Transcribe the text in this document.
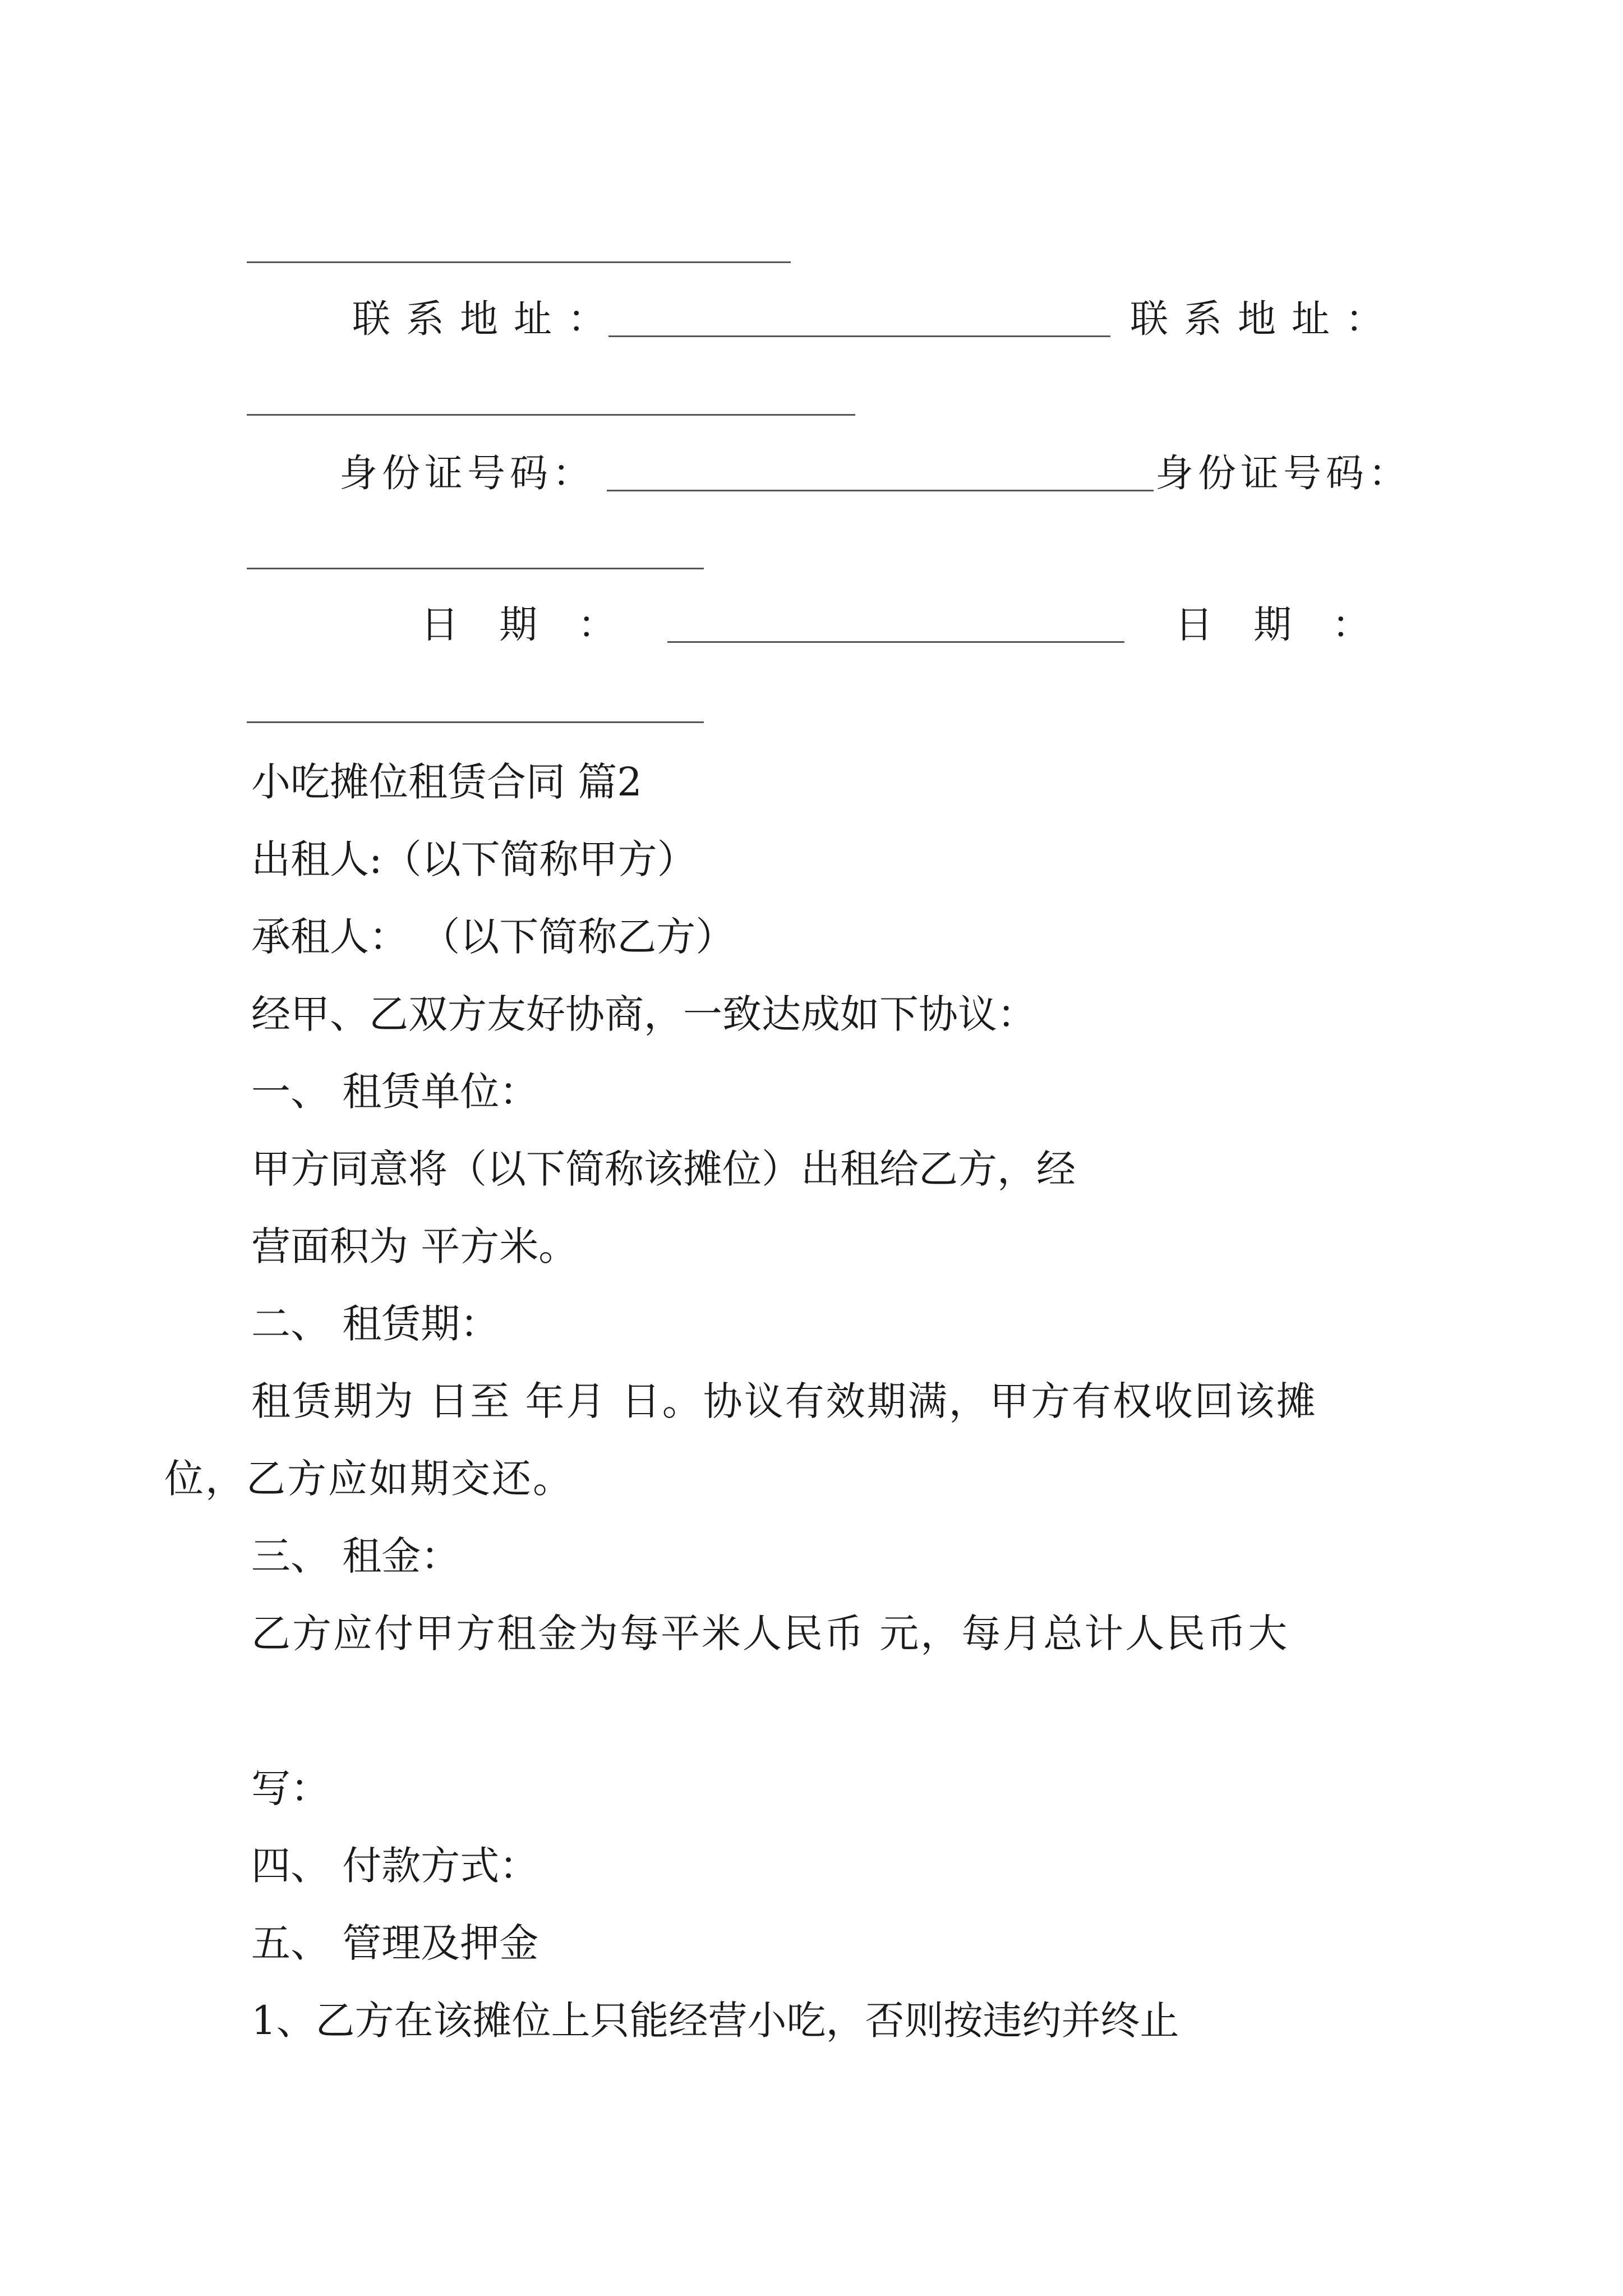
联系地址：	联系地址：
身份证号码：	身份证号码：
日 期 ：	日 期 ：

小吃摊位租赁合同 篇2

出租人:（以下简称甲方）

承租人： （以下简称乙方）

经甲、乙双方友好协商，一致达成如下协议：

一、 租赁单位：

甲方同意将（以下简称该摊位）出租给乙方，经

营面积为 平方米。

二、 租赁期：

租赁期为 日至 年月 日。协议有效期满，甲方有权收回该摊位，乙方应如期交还。

三、 租金：

乙方应付甲方租金为每平米人民币 元，每月总计人民币大

写：

四、 付款方式：

五、 管理及押金

1、乙方在该摊位上只能经营小吃，否则按违约并终止
